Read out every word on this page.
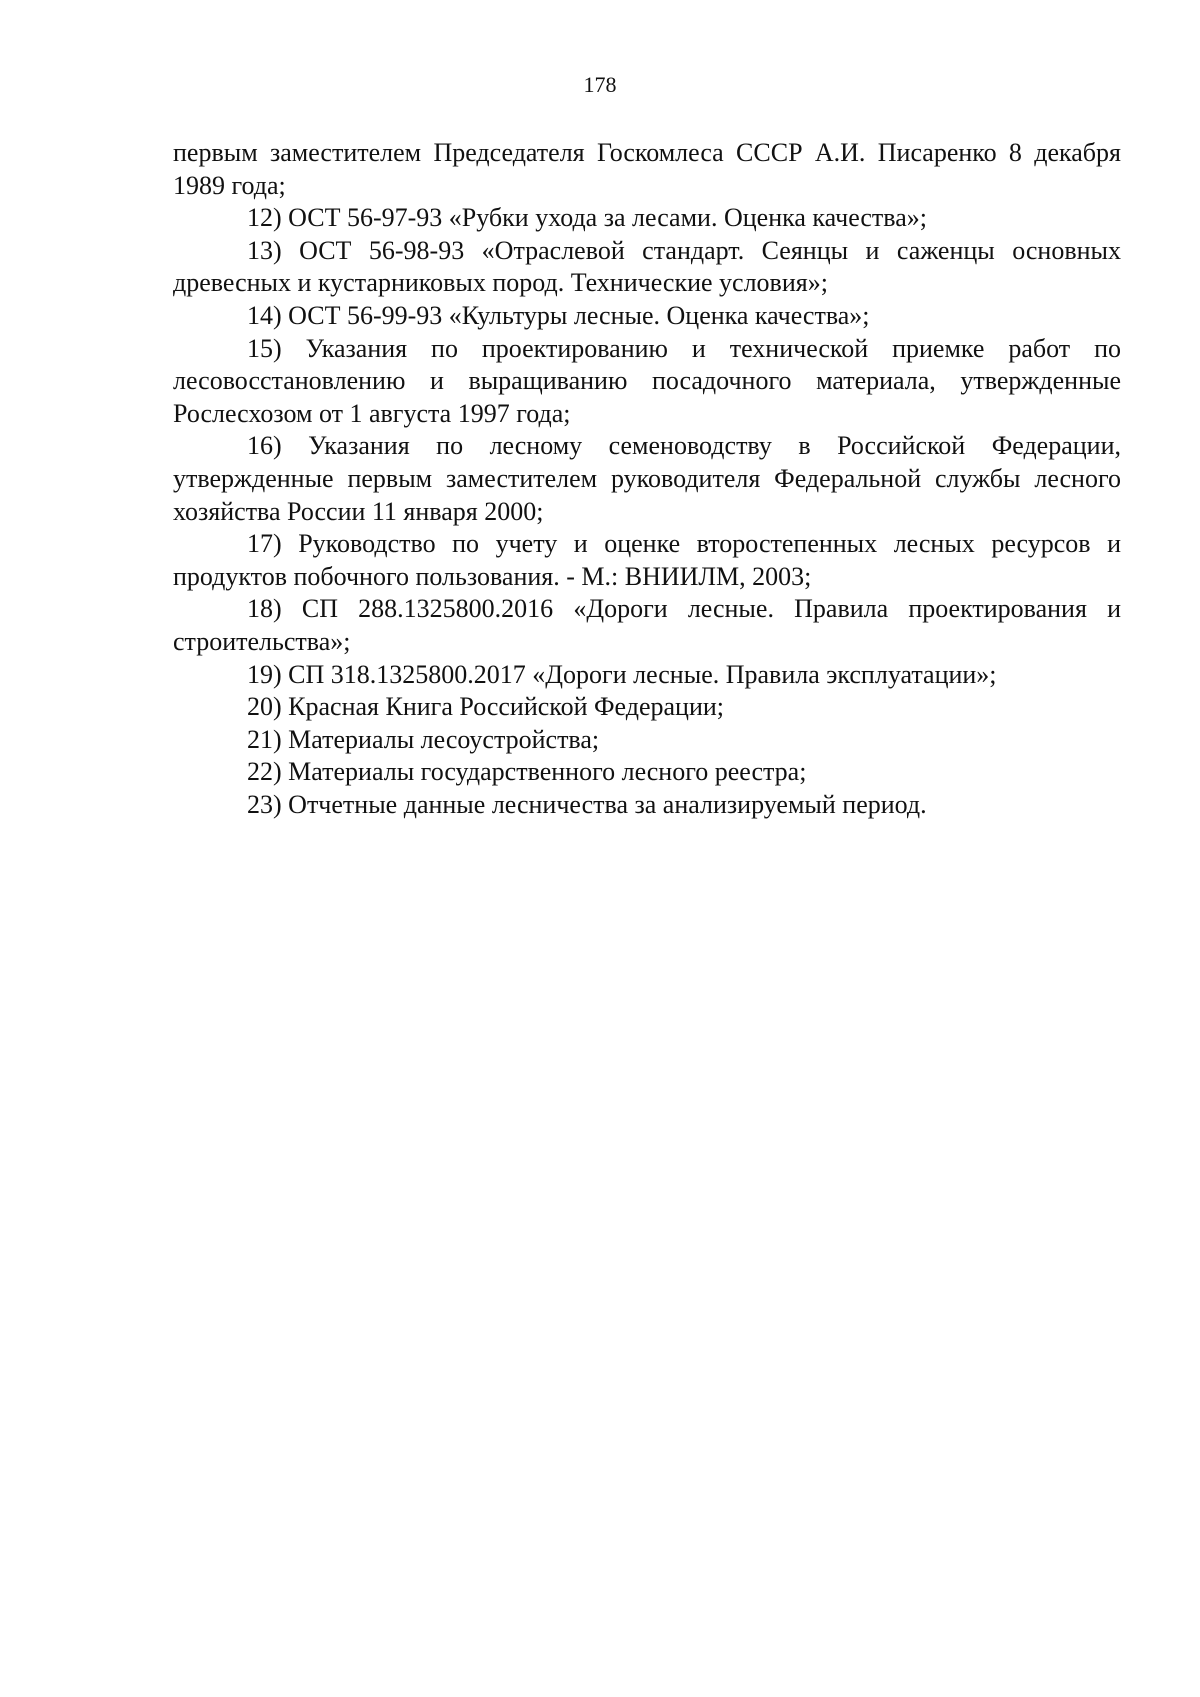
178

первым заместителем Председателя Госкомлеса СССР А.И. Писаренко 8 декабря 1989 года;

12) ОСТ 56-97-93 «Рубки ухода за лесами. Оценка качества»;

13) ОСТ 56-98-93 «Отраслевой стандарт. Сеянцы и саженцы основных древесных и кустарниковых пород. Технические условия»;

14) ОСТ 56-99-93 «Культуры лесные. Оценка качества»;

15) Указания по проектированию и технической приемке работ по лесовосстановлению и выращиванию посадочного материала, утвержденные Рослесхозом от 1 августа 1997 года;

16) Указания по лесному семеноводству в Российской Федерации, утвержденные первым заместителем руководителя Федеральной службы лесного хозяйства России 11 января 2000;

17) Руководство по учету и оценке второстепенных лесных ресурсов и продуктов побочного пользования. - М.: ВНИИЛМ, 2003;

18) СП 288.1325800.2016 «Дороги лесные. Правила проектирования и строительства»;

19) СП 318.1325800.2017 «Дороги лесные. Правила эксплуатации»;

20) Красная Книга Российской Федерации;

21) Материалы лесоустройства;

22) Материалы государственного лесного реестра;

23) Отчетные данные лесничества за анализируемый период.
